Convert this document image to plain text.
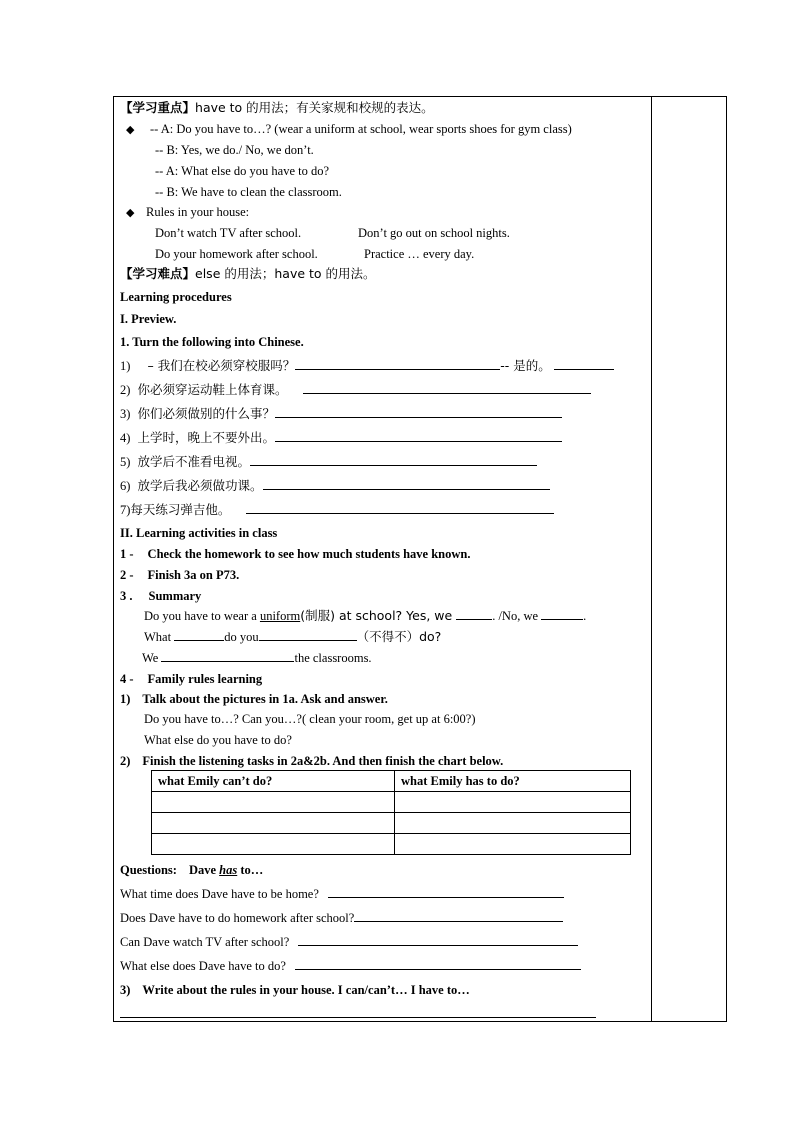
【学习重点】have to 的用法；有关家规和校规的表达。
◆ -- A: Do you have to…? (wear a uniform at school, wear sports shoes for gym class)
-- B: Yes, we do./ No, we don’t.
-- A: What else do you have to do?
-- B: We have to clean the classroom.
◆ Rules in your house:
Don’t watch TV after school.	Don’t go out on school nights.
Do your homework after school.	Practice … every day.
【学习难点】else 的用法；have to 的用法。
Learning procedures
I. Preview.
1. Turn the following into Chinese.
1) – 我们在校必须穿校服吗？	-- 是的。
2) 你必须穿运动鞋上体育课。
3) 你们必须做别的什么事？
4) 上学时，晚上不要外出。
5) 放学后不准看电视。
6) 放学后我必须做功课。
7)每天练习弹吉他。
II. Learning activities in class
1 - Check the homework to see how much students have known.
2 - Finish 3a on P73.
3 . Summary
Do you have to wear a uniform(制服) at school? Yes, we	. /No, we	.
What	do you	（不得不）do?
We	the classrooms.
4 - Family rules learning
1) Talk about the pictures in 1a. Ask and answer.
Do you have to…? Can you…?( clean your room, get up at 6:00?)
What else do you have to do?
2) Finish the listening tasks in 2a&2b. And then finish the chart below.
what Emily can’t do?	what Emily has to do?

Questions: Dave has to…
What time does Dave have to be home?
Does Dave have to do homework after school?
Can Dave watch TV after school?
What else does Dave have to do?
3) Write about the rules in your house. I can/can’t… I have to…
